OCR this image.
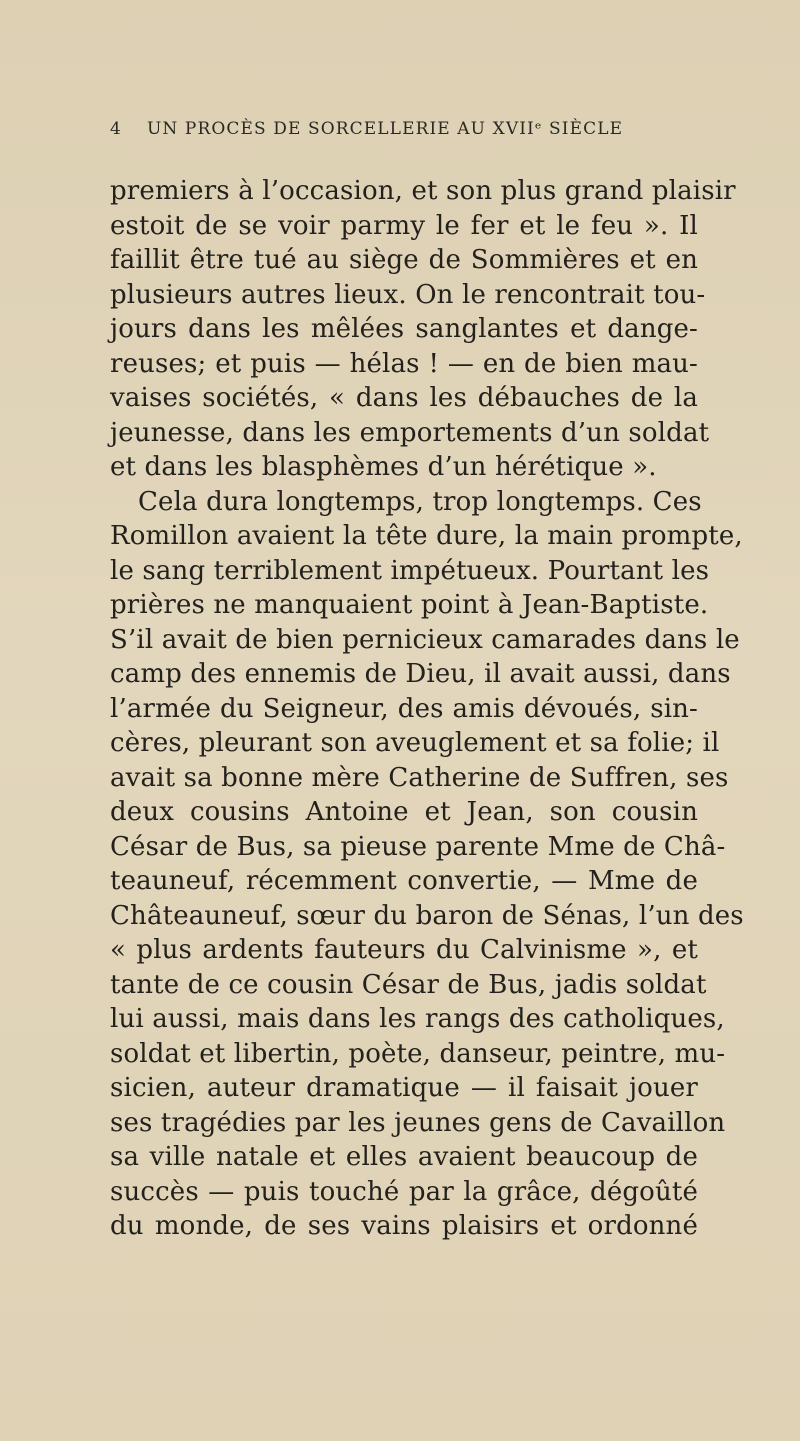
4 UN PROCÈS DE SORCELLERIE AU XVIIᵉ SIÈCLE
premiers à l’occasion, et son plus grand plaisir
estoit de se voir parmy le fer et le feu ». Il
faillit être tué au siège de Sommières et en
plusieurs autres lieux. On le rencontrait tou-
jours dans les mêlées sanglantes et dange-
reuses; et puis — hélas ! — en de bien mau-
vaises sociétés, « dans les débauches de la
jeunesse, dans les emportements d’un soldat
et dans les blasphèmes d’un hérétique ».
Cela dura longtemps, trop longtemps. Ces
Romillon avaient la tête dure, la main prompte,
le sang terriblement impétueux. Pourtant les
prières ne manquaient point à Jean-Baptiste.
S’il avait de bien pernicieux camarades dans le
camp des ennemis de Dieu, il avait aussi, dans
l’armée du Seigneur, des amis dévoués, sin-
cères, pleurant son aveuglement et sa folie; il
avait sa bonne mère Catherine de Suffren, ses
deux cousins Antoine et Jean, son cousin
César de Bus, sa pieuse parente Mme de Châ-
teauneuf, récemment convertie, — Mme de
Châteauneuf, sœur du baron de Sénas, l’un des
« plus ardents fauteurs du Calvinisme », et
tante de ce cousin César de Bus, jadis soldat
lui aussi, mais dans les rangs des catholiques,
soldat et libertin, poète, danseur, peintre, mu-
sicien, auteur dramatique — il faisait jouer
ses tragédies par les jeunes gens de Cavaillon
sa ville natale et elles avaient beaucoup de
succès — puis touché par la grâce, dégoûté
du monde, de ses vains plaisirs et ordonné
